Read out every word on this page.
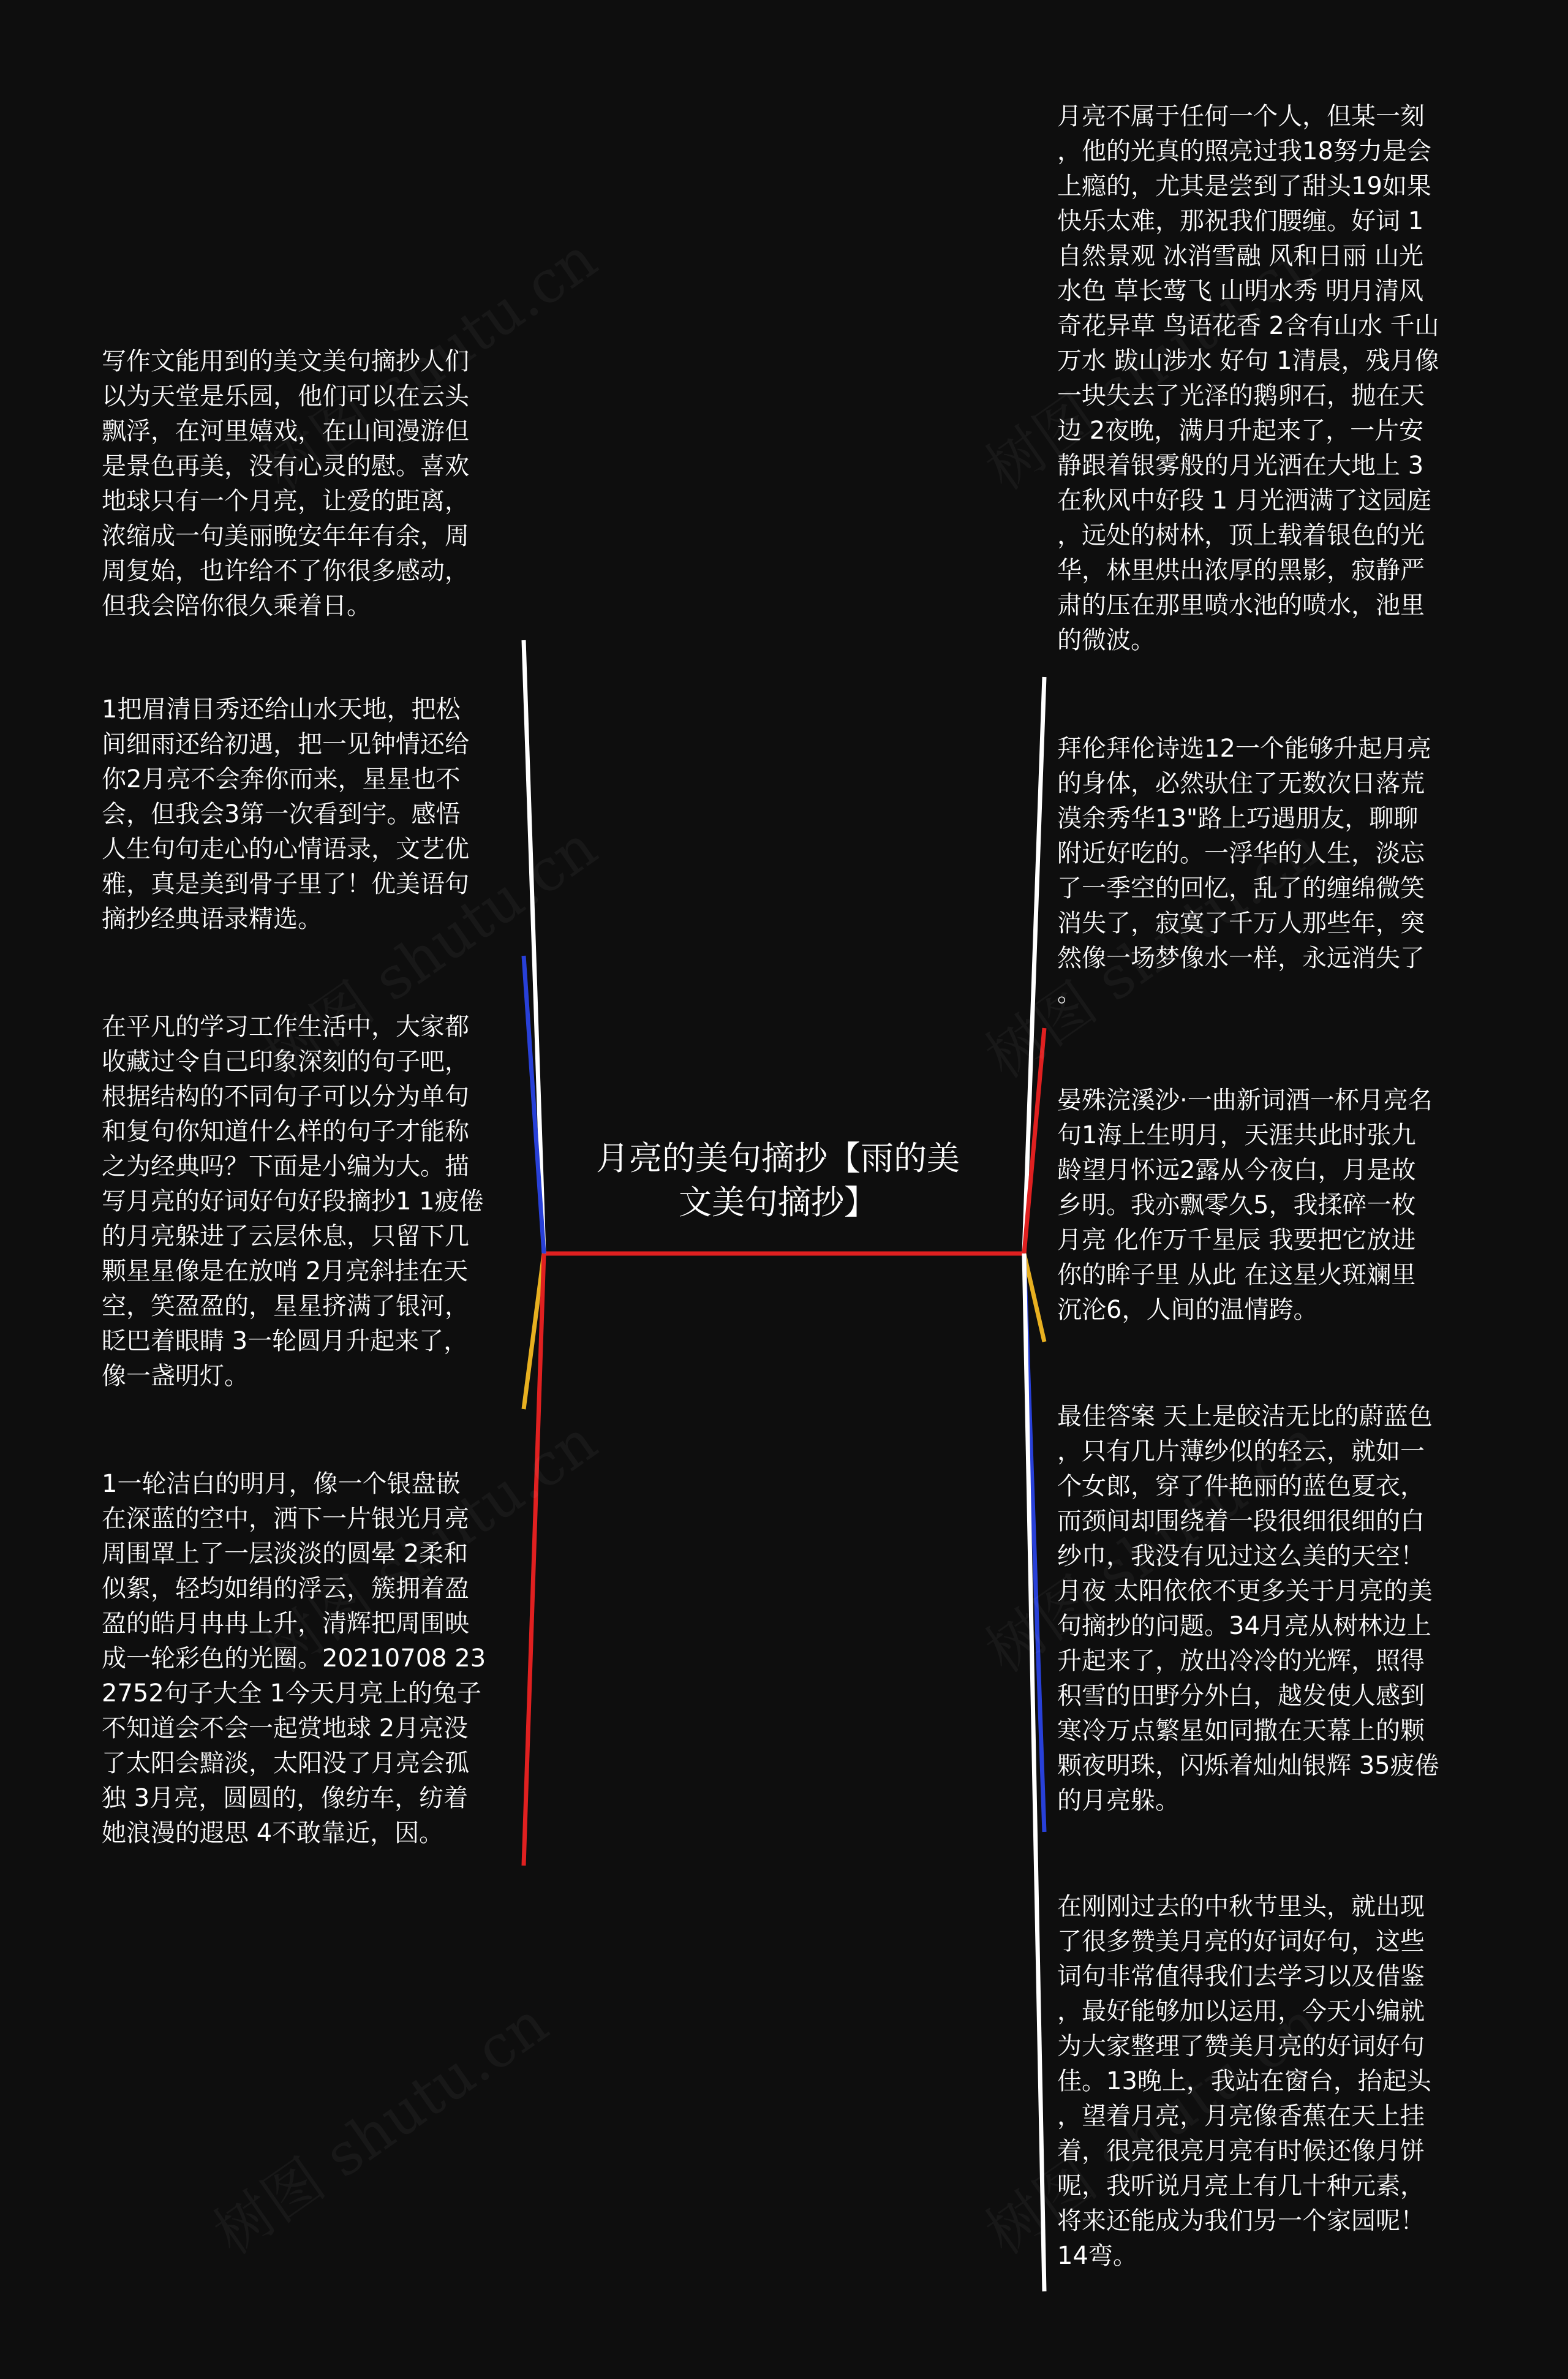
月亮的美句摘抄【雨的美
文美句摘抄】

写作文能用到的美文美句摘抄人们
以为天堂是乐园，他们可以在云头
飘浮，在河里嬉戏，在山间漫游但
是景色再美，没有心灵的慰。喜欢
地球只有一个月亮，让爱的距离，
浓缩成一句美丽晚安年年有余，周
周复始，也许给不了你很多感动，
但我会陪你很久乘着日。

1把眉清目秀还给山水天地，把松
间细雨还给初遇，把一见钟情还给
你2月亮不会奔你而来，星星也不
会，但我会3第一次看到宇。感悟
人生句句走心的心情语录，文艺优
雅，真是美到骨子里了！优美语句
摘抄经典语录精选。

在平凡的学习工作生活中，大家都
收藏过令自己印象深刻的句子吧，
根据结构的不同句子可以分为单句
和复句你知道什么样的句子才能称
之为经典吗？下面是小编为大。描
写月亮的好词好句好段摘抄1 1疲倦
的月亮躲进了云层休息，只留下几
颗星星像是在放哨 2月亮斜挂在天
空，笑盈盈的，星星挤满了银河，
眨巴着眼睛 3一轮圆月升起来了，
像一盏明灯。

1一轮洁白的明月，像一个银盘嵌
在深蓝的空中，洒下一片银光月亮
周围罩上了一层淡淡的圆晕 2柔和
似絮，轻均如绢的浮云，簇拥着盈
盈的皓月冉冉上升，清辉把周围映
成一轮彩色的光圈。20210708 23
2752句子大全 1今天月亮上的兔子
不知道会不会一起赏地球 2月亮没
了太阳会黯淡，太阳没了月亮会孤
独 3月亮，圆圆的，像纺车，纺着
她浪漫的遐思 4不敢靠近，因。

月亮不属于任何一个人，但某一刻
，他的光真的照亮过我18努力是会
上瘾的，尤其是尝到了甜头19如果
快乐太难，那祝我们腰缠。好词 1
自然景观 冰消雪融 风和日丽 山光
水色 草长莺飞 山明水秀 明月清风
奇花异草 鸟语花香 2含有山水 千山
万水 跋山涉水 好句 1清晨，残月像
一块失去了光泽的鹅卵石，抛在天
边 2夜晚，满月升起来了，一片安
静跟着银雾般的月光洒在大地上 3
在秋风中好段 1 月光洒满了这园庭
，远处的树林，顶上载着银色的光
华，林里烘出浓厚的黑影，寂静严
肃的压在那里喷水池的喷水，池里
的微波。

拜伦拜伦诗选12一个能够升起月亮
的身体，必然驮住了无数次日落荒
漠余秀华13"路上巧遇朋友，聊聊
附近好吃的。一浮华的人生，淡忘
了一季空的回忆，乱了的缠绵微笑
消失了，寂寞了千万人那些年，突
然像一场梦像水一样，永远消失了
。

晏殊浣溪沙·一曲新词酒一杯月亮名
句1海上生明月，天涯共此时张九
龄望月怀远2露从今夜白，月是故
乡明。我亦飘零久5，我揉碎一枚
月亮 化作万千星辰 我要把它放进
你的眸子里 从此 在这星火斑斓里
沉沦6，人间的温情跨。

最佳答案 天上是皎洁无比的蔚蓝色
，只有几片薄纱似的轻云，就如一
个女郎，穿了件艳丽的蓝色夏衣，
而颈间却围绕着一段很细很细的白
纱巾，我没有见过这么美的天空！
月夜 太阳依依不更多关于月亮的美
句摘抄的问题。34月亮从树林边上
升起来了，放出冷冷的光辉，照得
积雪的田野分外白，越发使人感到
寒冷万点繁星如同撒在天幕上的颗
颗夜明珠，闪烁着灿灿银辉 35疲倦
的月亮躲。

在刚刚过去的中秋节里头，就出现
了很多赞美月亮的好词好句，这些
词句非常值得我们去学习以及借鉴
，最好能够加以运用，今天小编就
为大家整理了赞美月亮的好词好句
佳。13晚上，我站在窗台，抬起头
，望着月亮，月亮像香蕉在天上挂
着，很亮很亮月亮有时候还像月饼
呢，我听说月亮上有几十种元素，
将来还能成为我们另一个家园呢！
14弯。
